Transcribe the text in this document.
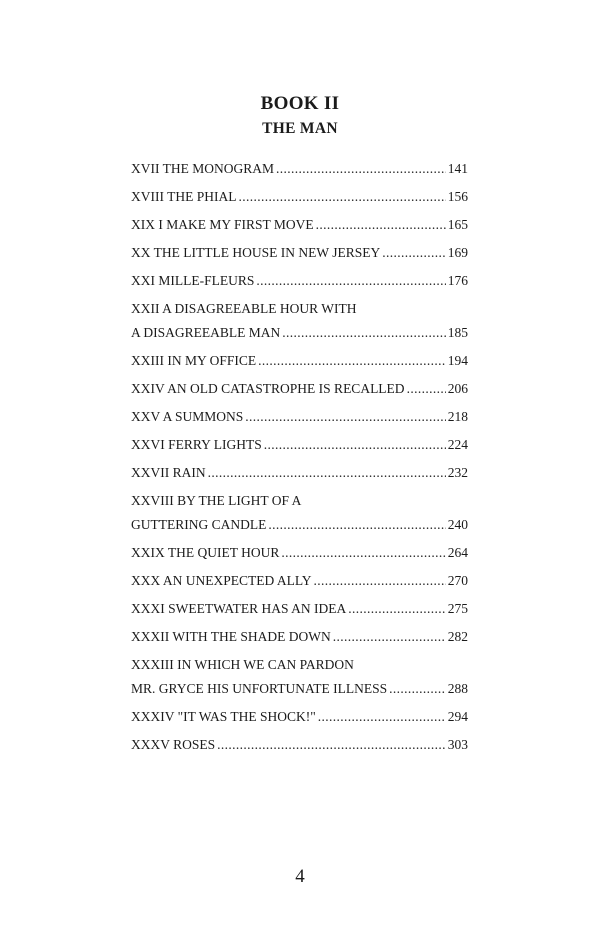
BOOK II
THE MAN
XVII THE MONOGRAM . . .	141
XVIII THE PHIAL . . .	156
XIX I MAKE MY FIRST MOVE . . .	165
XX THE LITTLE HOUSE IN NEW JERSEY . . .	169
XXI MILLE-FLEURS . . .	176
XXII A DISAGREEABLE HOUR WITH
A DISAGREEABLE MAN . . .	185
XXIII IN MY OFFICE . . .	194
XXIV AN OLD CATASTROPHE IS RECALLED . . .	206
XXV A SUMMONS . . .	218
XXVI FERRY LIGHTS . . .	224
XXVII RAIN . . .	232
XXVIII BY THE LIGHT OF A
GUTTERING CANDLE . . .	240
XXIX THE QUIET HOUR . . .	264
XXX AN UNEXPECTED ALLY . . .	270
XXXI SWEETWATER HAS AN IDEA . . .	275
XXXII WITH THE SHADE DOWN . . .	282
XXXIII IN WHICH WE CAN PARDON
MR. GRYCE HIS UNFORTUNATE ILLNESS . . .	288
XXXIV "IT WAS THE SHOCK!" . . .	294
XXXV ROSES . . .	303
4
